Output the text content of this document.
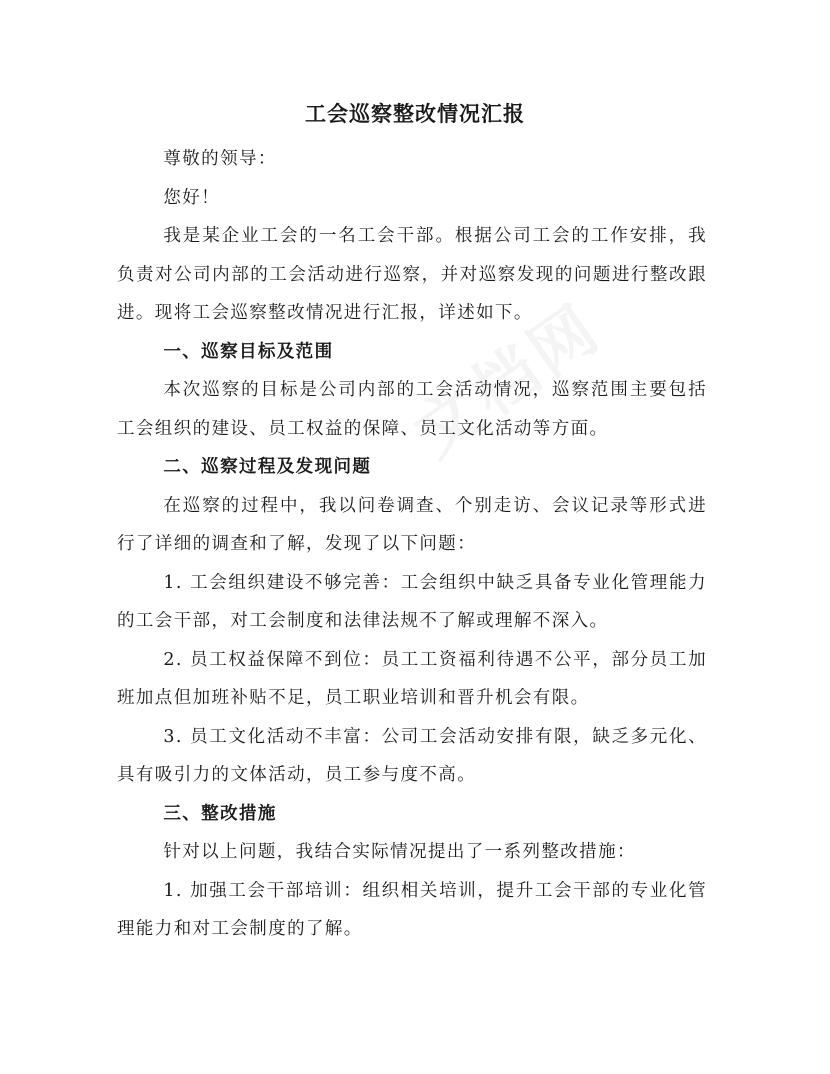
工会巡察整改情况汇报

尊敬的领导：

您好！

我是某企业工会的一名工会干部。根据公司工会的工作安排，我负责对公司内部的工会活动进行巡察，并对巡察发现的问题进行整改跟进。现将工会巡察整改情况进行汇报，详述如下。

一、巡察目标及范围

本次巡察的目标是公司内部的工会活动情况，巡察范围主要包括工会组织的建设、员工权益的保障、员工文化活动等方面。

二、巡察过程及发现问题

在巡察的过程中，我以问卷调查、个别走访、会议记录等形式进行了详细的调查和了解，发现了以下问题：

1. 工会组织建设不够完善：工会组织中缺乏具备专业化管理能力的工会干部，对工会制度和法律法规不了解或理解不深入。

2. 员工权益保障不到位：员工工资福利待遇不公平，部分员工加班加点但加班补贴不足，员工职业培训和晋升机会有限。

3. 员工文化活动不丰富：公司工会活动安排有限，缺乏多元化、具有吸引力的文体活动，员工参与度不高。

三、整改措施

针对以上问题，我结合实际情况提出了一系列整改措施：

1. 加强工会干部培训：组织相关培训，提升工会干部的专业化管理能力和对工会制度的了解。
